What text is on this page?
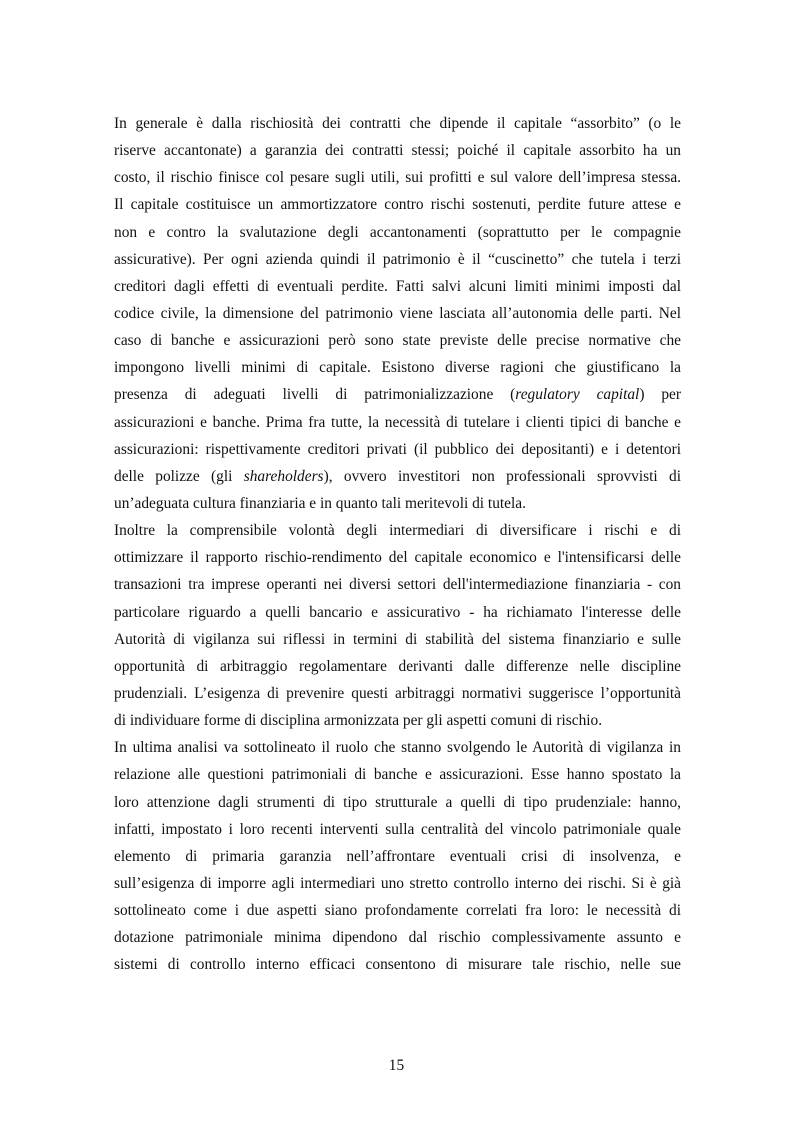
In generale è dalla rischiosità dei contratti che dipende il capitale “assorbito” (o le
riserve accantonate) a garanzia dei contratti stessi; poiché il capitale assorbito ha un
costo, il rischio finisce col pesare sugli utili, sui profitti e sul valore dell’impresa stessa.
Il capitale costituisce un ammortizzatore contro rischi sostenuti, perdite future attese e
non e contro la svalutazione degli accantonamenti (soprattutto per le compagnie
assicurative). Per ogni azienda quindi il patrimonio è il “cuscinetto” che tutela i terzi
creditori dagli effetti di eventuali perdite. Fatti salvi alcuni limiti minimi imposti dal
codice civile, la dimensione del patrimonio viene lasciata all’autonomia delle parti. Nel
caso di banche e assicurazioni però sono state previste delle precise normative che
impongono livelli minimi di capitale. Esistono diverse ragioni che giustificano la
presenza di adeguati livelli di patrimonializzazione (regulatory capital) per
assicurazioni e banche. Prima fra tutte, la necessità di tutelare i clienti tipici di banche e
assicurazioni: rispettivamente creditori privati (il pubblico dei depositanti) e i detentori
delle polizze (gli shareholders), ovvero investitori non professionali sprovvisti di
un’adeguata cultura finanziaria e in quanto tali meritevoli di tutela.
Inoltre la comprensibile volontà degli intermediari di diversificare i rischi e di
ottimizzare il rapporto rischio-rendimento del capitale economico e l'intensificarsi delle
transazioni tra imprese operanti nei diversi settori dell'intermediazione finanziaria - con
particolare riguardo a quelli bancario e assicurativo - ha richiamato l'interesse delle
Autorità di vigilanza sui riflessi in termini di stabilità del sistema finanziario e sulle
opportunità di arbitraggio regolamentare derivanti dalle differenze nelle discipline
prudenziali. L’esigenza di prevenire questi arbitraggi normativi suggerisce l’opportunità
di individuare forme di disciplina armonizzata per gli aspetti comuni di rischio.
In ultima analisi va sottolineato il ruolo che stanno svolgendo le Autorità di vigilanza in
relazione alle questioni patrimoniali di banche e assicurazioni. Esse hanno spostato la
loro attenzione dagli strumenti di tipo strutturale a quelli di tipo prudenziale: hanno,
infatti, impostato i loro recenti interventi sulla centralità del vincolo patrimoniale quale
elemento di primaria garanzia nell’affrontare eventuali crisi di insolvenza, e
sull’esigenza di imporre agli intermediari uno stretto controllo interno dei rischi. Si è già
sottolineato come i due aspetti siano profondamente correlati fra loro: le necessità di
dotazione patrimoniale minima dipendono dal rischio complessivamente assunto e
sistemi di controllo interno efficaci consentono di misurare tale rischio, nelle sue
15
